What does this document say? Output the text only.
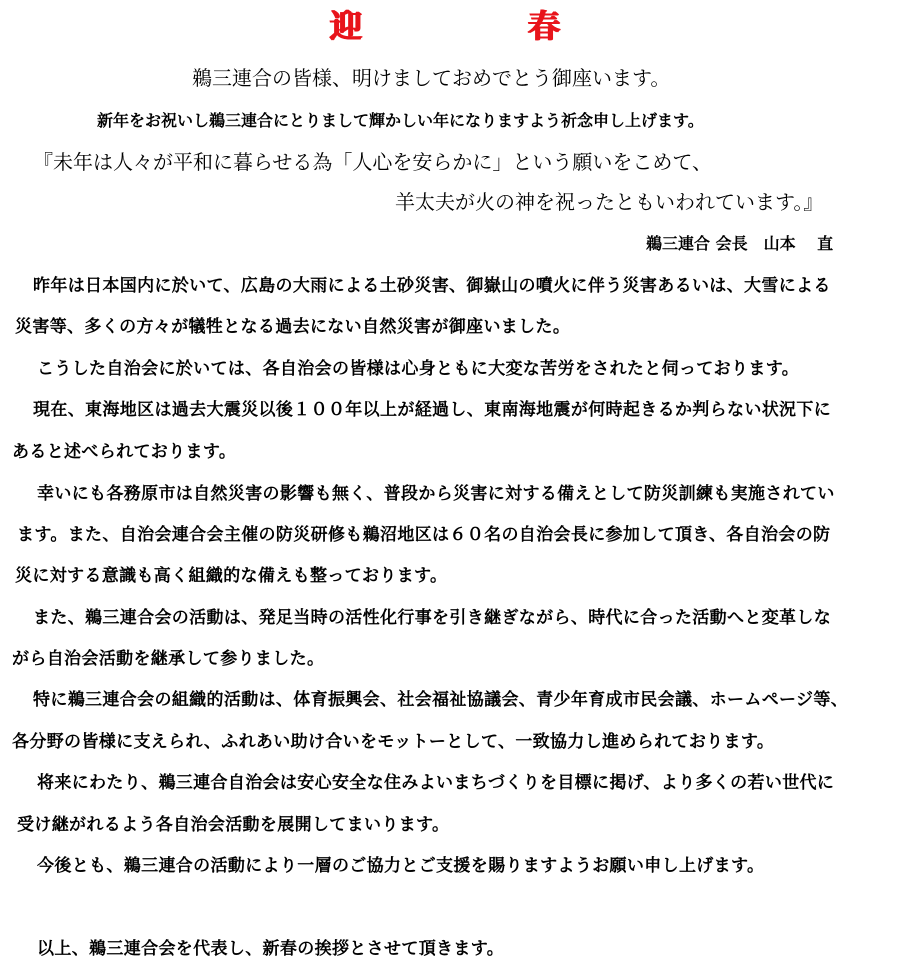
迎	春
鵜三連合の皆様、明けましておめでとう御座います。
新年をお祝いし鵜三連合にとりまして輝かしい年になりますよう祈念申し上げます。
『未年は人々が平和に暮らせる為「人心を安らかに」という願いをこめて、
羊太夫が火の神を祝ったともいわれています。』
鵜三連合 会長　山本　 直
昨年は日本国内に於いて、広島の大雨による土砂災害、御嶽山の噴火に伴う災害あるいは、大雪による
災害等、多くの方々が犠牲となる過去にない自然災害が御座いました。
こうした自治会に於いては、各自治会の皆様は心身ともに大変な苦労をされたと伺っております。
現在、東海地区は過去大震災以後１００年以上が経過し、東南海地震が何時起きるか判らない状況下に
あると述べられております。
幸いにも各務原市は自然災害の影響も無く、普段から災害に対する備えとして防災訓練も実施されてい
ます。また、自治会連合会主催の防災研修も鵜沼地区は６０名の自治会長に参加して頂き、各自治会の防
災に対する意識も高く組織的な備えも整っております。
また、鵜三連合会の活動は、発足当時の活性化行事を引き継ぎながら、時代に合った活動へと変革しな
がら自治会活動を継承して参りました。
特に鵜三連合会の組織的活動は、体育振興会、社会福祉協議会、青少年育成市民会議、ホームページ等、
各分野の皆様に支えられ、ふれあい助け合いをモットーとして、一致協力し進められております。
将来にわたり、鵜三連合自治会は安心安全な住みよいまちづくりを目標に掲げ、より多くの若い世代に
受け継がれるよう各自治会活動を展開してまいります。
今後とも、鵜三連合の活動により一層のご協力とご支援を賜りますようお願い申し上げます。
以上、鵜三連合会を代表し、新春の挨拶とさせて頂きます。
